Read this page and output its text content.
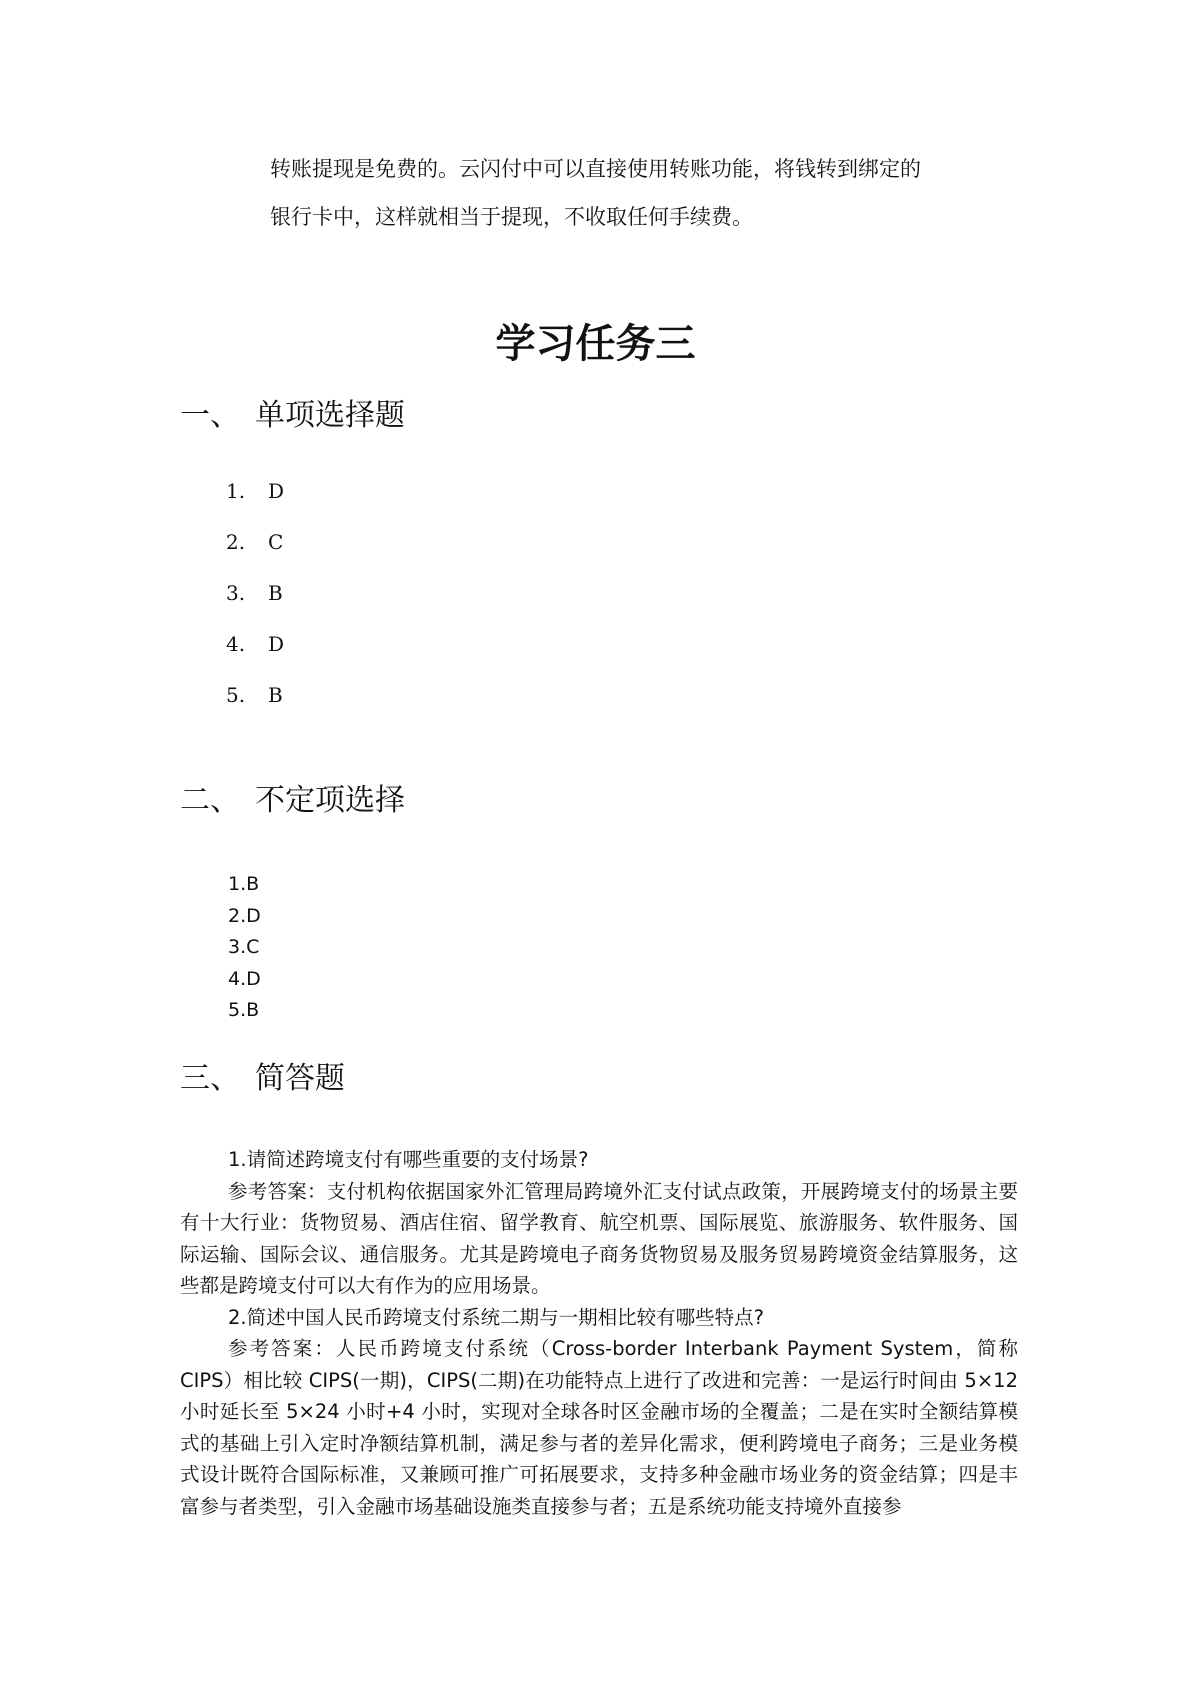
转账提现是免费的。云闪付中可以直接使用转账功能，将钱转到绑定的

银行卡中，这样就相当于提现，不收取任何手续费。

学习任务三
一、 单项选择题
1. D
2. C
3. B
4. D
5. B
二、 不定项选择
1.B
2.D
3.C
4.D
5.B
三、 简答题

1.请简述跨境支付有哪些重要的支付场景?

参考答案：支付机构依据国家外汇管理局跨境外汇支付试点政策，开展跨境支付的场景主要有十大行业：货物贸易、酒店住宿、留学教育、航空机票、国际展览、旅游服务、软件服务、国际运输、国际会议、通信服务。尤其是跨境电子商务货物贸易及服务贸易跨境资金结算服务，这些都是跨境支付可以大有作为的应用场景。

2.简述中国人民币跨境支付系统二期与一期相比较有哪些特点?

参考答案：人民币跨境支付系统（Cross-border Interbank Payment System，简称 CIPS）相比较 CIPS(一期)，CIPS(二期)在功能特点上进行了改进和完善：一是运行时间由 5×12 小时延长至 5×24 小时+4 小时，实现对全球各时区金融市场的全覆盖；二是在实时全额结算模式的基础上引入定时净额结算机制，满足参与者的差异化需求，便利跨境电子商务；三是业务模式设计既符合国际标准，又兼顾可推广可拓展要求，支持多种金融市场业务的资金结算；四是丰富参与者类型，引入金融市场基础设施类直接参与者；五是系统功能支持境外直接参
